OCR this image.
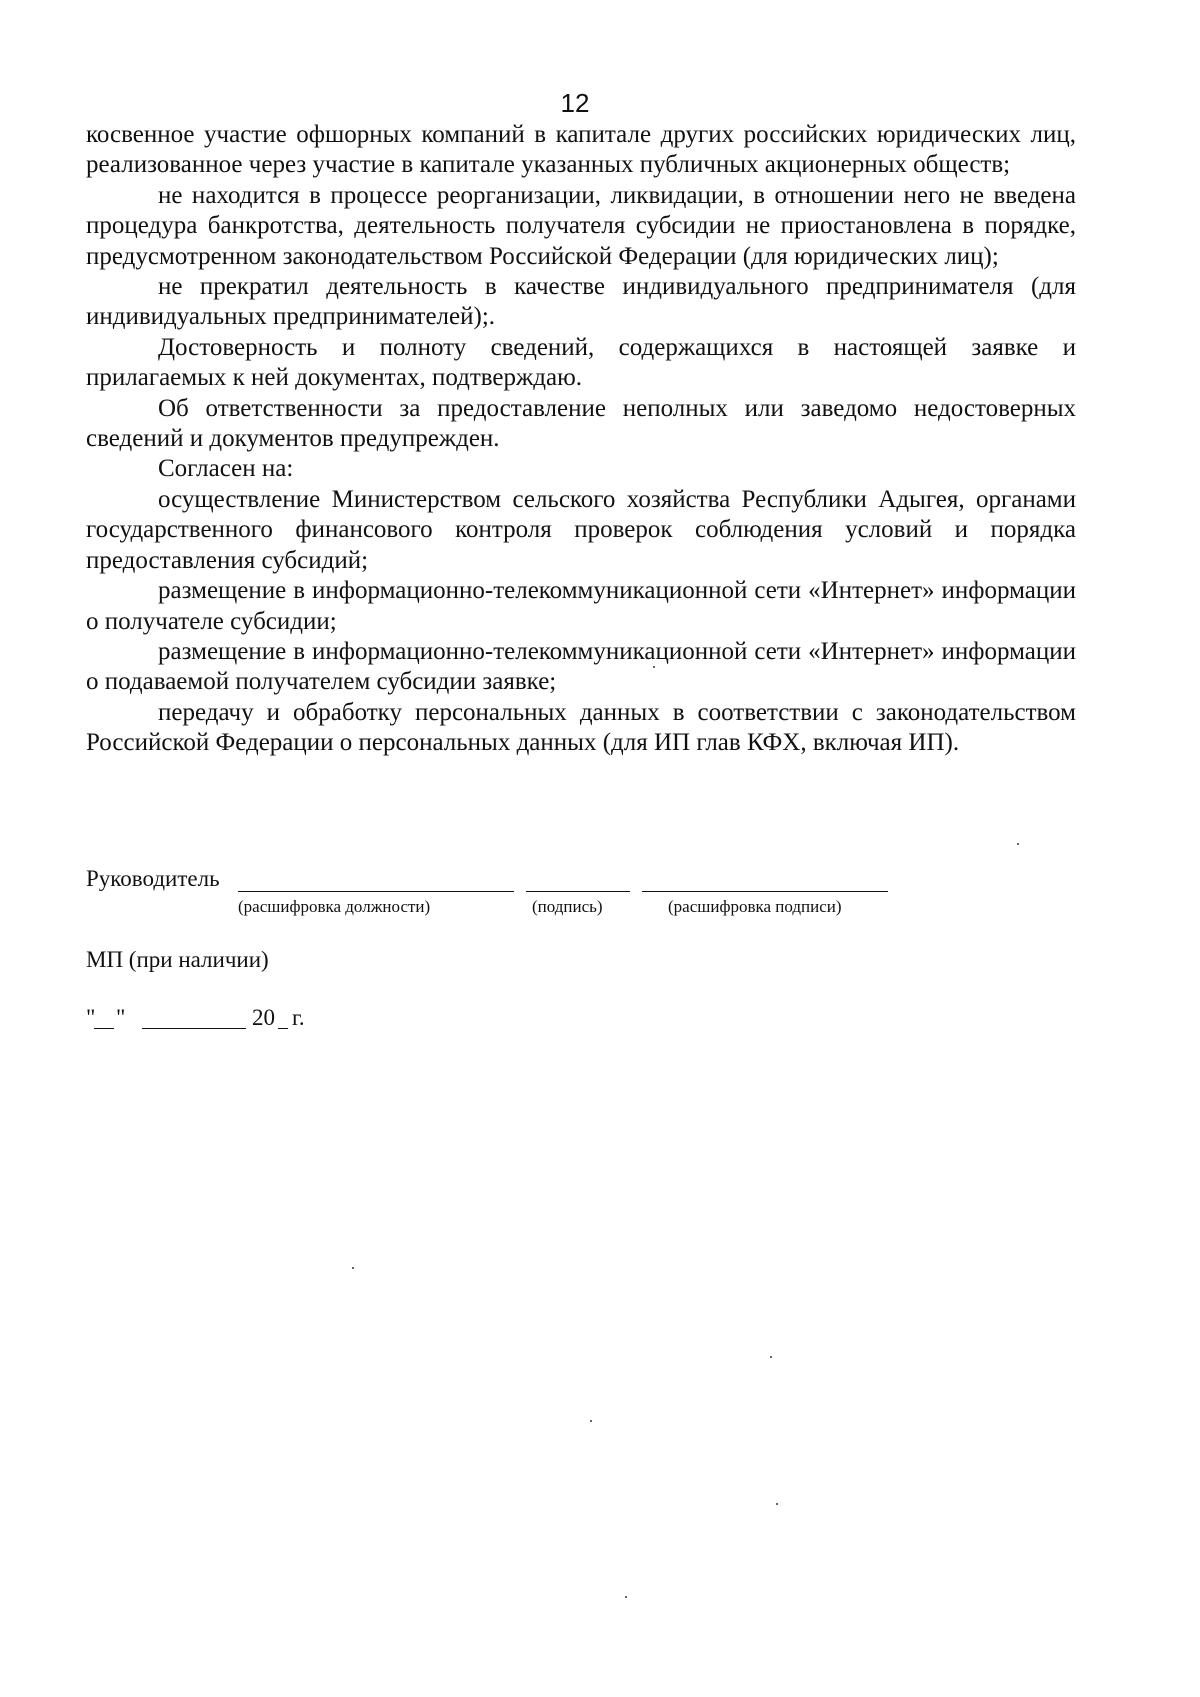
12

косвенное участие офшорных компаний в капитале других российских юридических лиц, реализованное через участие в капитале указанных публичных акционерных обществ;

не находится в процессе реорганизации, ликвидации, в отношении него не введена процедура банкротства, деятельность получателя субсидии не приостановлена в порядке, предусмотренном законодательством Российской Федерации (для юридических лиц);

не прекратил деятельность в качестве индивидуального предпринимателя (для индивидуальных предпринимателей);.

Достоверность и полноту сведений, содержащихся в настоящей заявке и прилагаемых к ней документах, подтверждаю.

Об ответственности за предоставление неполных или заведомо недостоверных сведений и документов предупрежден.

Согласен на:

осуществление Министерством сельского хозяйства Республики Адыгея, органами государственного финансового контроля проверок соблюдения условий и порядка предоставления субсидий;

размещение в информационно-телекоммуникационной сети «Интернет» информации о получателе субсидии;

размещение в информационно-телекоммуникационной сети «Интернет» информации о подаваемой получателем субсидии заявке;

передачу и обработку персональных данных в соответствии с законодательством Российской Федерации о персональных данных (для ИП глав КФХ, включая ИП).

Руководитель
(расшифровка должности)	(подпись)	(расшифровка подписи)
МП (при наличии)
" "	20 г.
